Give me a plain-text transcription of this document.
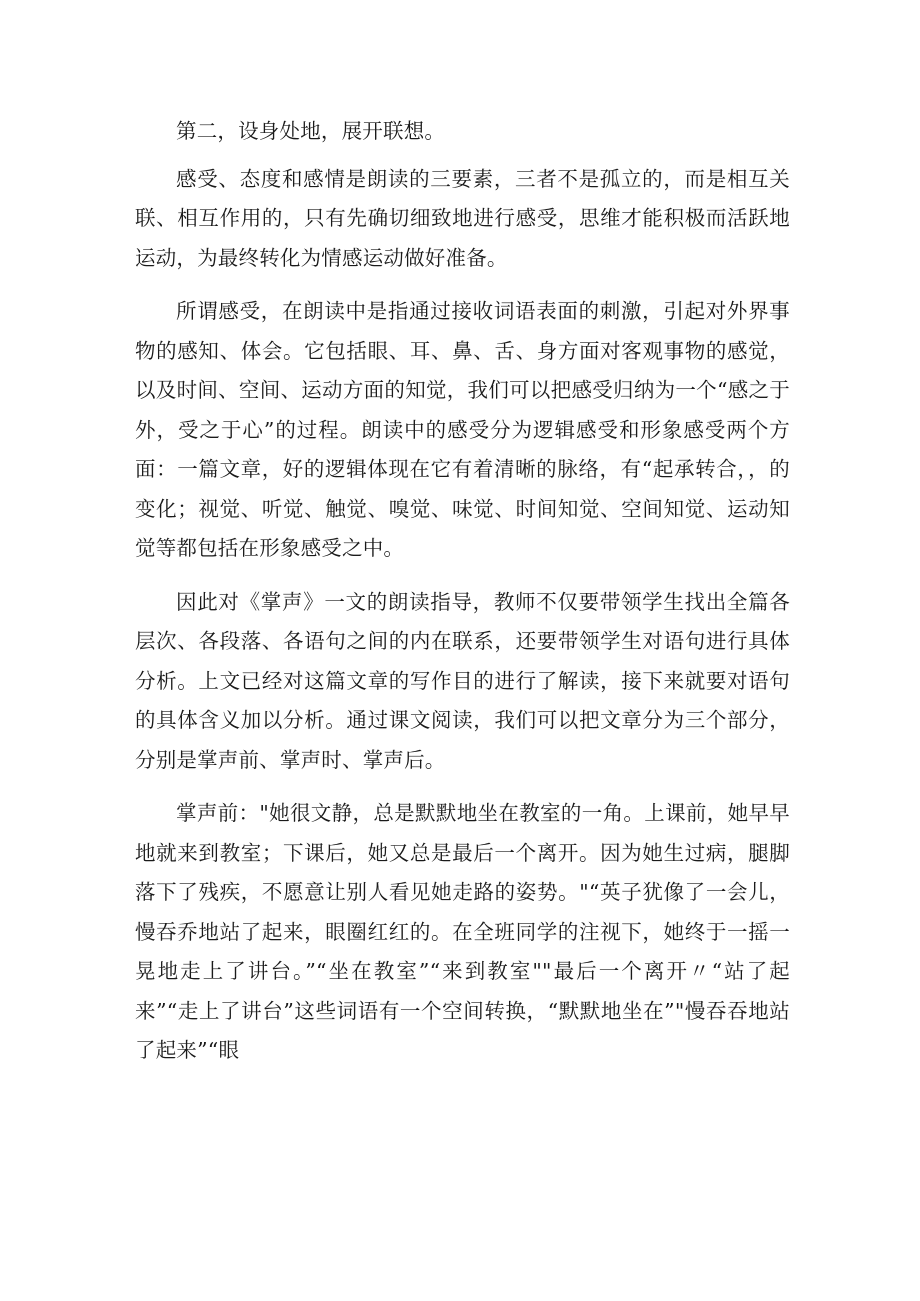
第二，设身处地，展开联想。

感受、态度和感情是朗读的三要素，三者不是孤立的，而是相互关联、相互作用的，只有先确切细致地进行感受，思维才能积极而活跃地运动，为最终转化为情感运动做好准备。

所谓感受，在朗读中是指通过接收词语表面的刺激，引起对外界事物的感知、体会。它包括眼、耳、鼻、舌、身方面对客观事物的感觉，以及时间、空间、运动方面的知觉，我们可以把感受归纳为一个“感之于外，受之于心”的过程。朗读中的感受分为逻辑感受和形象感受两个方面：一篇文章，好的逻辑体现在它有着清晰的脉络，有“起承转合，，的变化；视觉、听觉、触觉、嗅觉、味觉、时间知觉、空间知觉、运动知觉等都包括在形象感受之中。

因此对《掌声》一文的朗读指导，教师不仅要带领学生找出全篇各层次、各段落、各语句之间的内在联系，还要带领学生对语句进行具体分析。上文已经对这篇文章的写作目的进行了解读，接下来就要对语句的具体含义加以分析。通过课文阅读，我们可以把文章分为三个部分，分别是掌声前、掌声时、掌声后。

掌声前："她很文静，总是默默地坐在教室的一角。上课前，她早早地就来到教室；下课后，她又总是最后一个离开。因为她生过病，腿脚落下了残疾，不愿意让别人看见她走路的姿势。"“英子犹像了一会儿，慢吞乔地站了起来，眼圈红红的。在全班同学的注视下，她终于一摇一晃地走上了讲台。”“坐在教室”“来到教室""最后一个离开〃“站了起来”“走上了讲台”这些词语有一个空间转换，“默默地坐在”"慢吞吞地站了起来”“眼
